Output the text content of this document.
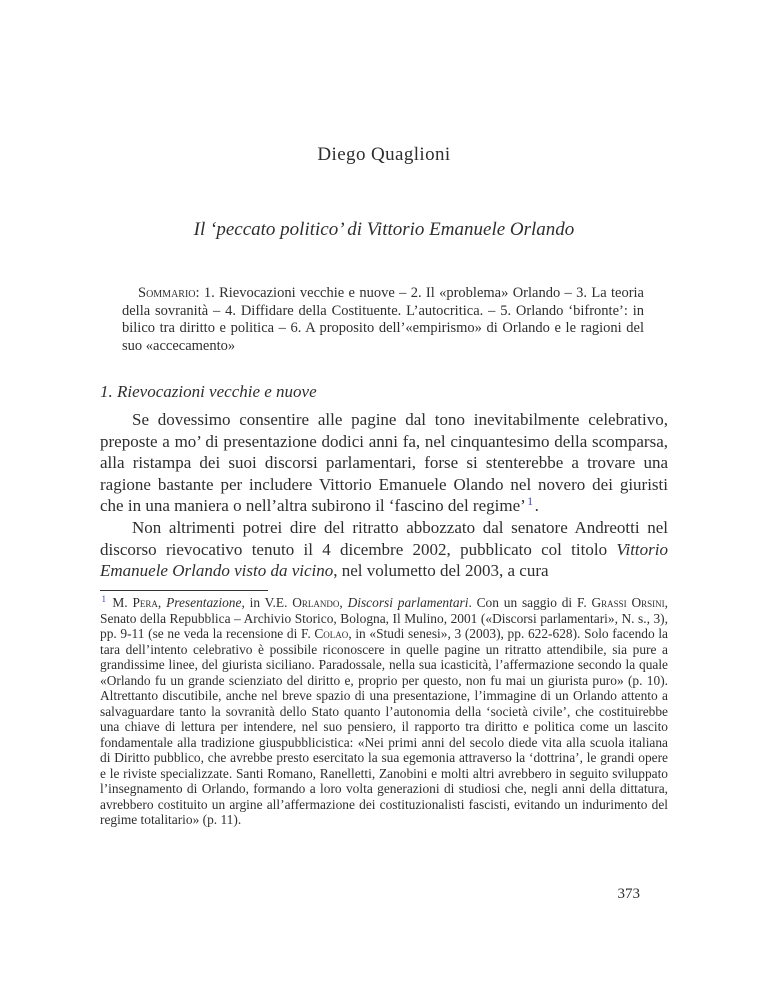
Diego Quaglioni
Il ‘peccato politico’ di Vittorio Emanuele Orlando
Sommario: 1. Rievocazioni vecchie e nuove – 2. Il «problema» Orlando – 3. La teoria della sovranità – 4. Diffidare della Costituente. L’autocritica. – 5. Orlando ‘bifronte’: in bilico tra diritto e politica – 6. A proposito dell’«empirismo» di Orlando e le ragioni del suo «accecamento»
1. Rievocazioni vecchie e nuove

Se dovessimo consentire alle pagine dal tono inevitabilmente celebrativo, preposte a mo’ di presentazione dodici anni fa, nel cinquantesimo della scomparsa, alla ristampa dei suoi discorsi parlamentari, forse si stenterebbe a trovare una ragione bastante per includere Vittorio Emanuele Olando nel novero dei giuristi che in una maniera o nell’altra subirono il ‘fascino del regime’ $^1$.

Non altrimenti potrei dire del ritratto abbozzato dal senatore Andreotti nel discorso rievocativo tenuto il 4 dicembre 2002, pubblicato col titolo Vittorio Emanuele Orlando visto da vicino, nel volumetto del 2003, a cura

$^1$ M. Pera, Presentazione, in V.E. Orlando, Discorsi parlamentari. Con un saggio di F. Grassi Orsini, Senato della Repubblica – Archivio Storico, Bologna, Il Mulino, 2001 («Discorsi parlamentari», N. s., 3), pp. 9-11 (se ne veda la recensione di F. Colao, in «Studi senesi», 3 (2003), pp. 622-628). Solo facendo la tara dell’intento celebrativo è possibile riconoscere in quelle pagine un ritratto attendibile, sia pure a grandissime linee, del giurista siciliano. Paradossale, nella sua icasticità, l’affermazione secondo la quale «Orlando fu un grande scienziato del diritto e, proprio per questo, non fu mai un giurista puro» (p. 10). Altrettanto discutibile, anche nel breve spazio di una presentazione, l’immagine di un Orlando attento a salvaguardare tanto la sovranità dello Stato quanto l’autonomia della ‘società civile’, che costituirebbe una chiave di lettura per intendere, nel suo pensiero, il rapporto tra diritto e politica come un lascito fondamentale alla tradizione giuspubblicistica: «Nei primi anni del secolo diede vita alla scuola italiana di Diritto pubblico, che avrebbe presto esercitato la sua egemonia attraverso la ‘dottrina’, le grandi opere e le riviste specializzate. Santi Romano, Ranelletti, Zanobini e molti altri avrebbero in seguito sviluppato l’insegnamento di Orlando, formando a loro volta generazioni di studiosi che, negli anni della dittatura, avrebbero costituito un argine all’affermazione dei costituzionalisti fascisti, evitando un indurimento del regime totalitario» (p. 11).
373
